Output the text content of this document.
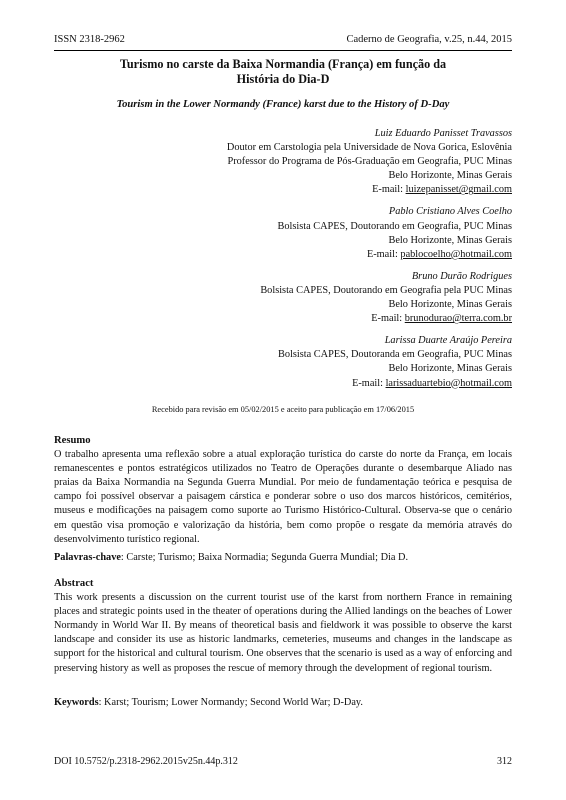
ISSN 2318-2962	Caderno de Geografia, v.25, n.44, 2015
Turismo no carste da Baixa Normandia (França) em função da
História do Dia-D
Tourism in the Lower Normandy (France) karst due to the History of D-Day
Luiz Eduardo Panisset Travassos
Doutor em Carstologia pela Universidade de Nova Gorica, Eslovênia
Professor do Programa de Pós-Graduação em Geografia, PUC Minas
Belo Horizonte, Minas Gerais
E-mail: luizepanisset@gmail.com
Pablo Cristiano Alves Coelho
Bolsista CAPES, Doutorando em Geografia, PUC Minas
Belo Horizonte, Minas Gerais
E-mail: pablocoelho@hotmail.com
Bruno Durão Rodrigues
Bolsista CAPES, Doutorando em Geografia pela PUC Minas
Belo Horizonte, Minas Gerais
E-mail: brunodurao@terra.com.br
Larissa Duarte Araújo Pereira
Bolsista CAPES, Doutoranda em Geografia, PUC Minas
Belo Horizonte, Minas Gerais
E-mail: larissaduartebio@hotmail.com
Recebido para revisão em 05/02/2015 e aceito para publicação em 17/06/2015
Resumo

O trabalho apresenta uma reflexão sobre a atual exploração turística do carste do norte da França, em locais remanescentes e pontos estratégicos utilizados no Teatro de Operações durante o desembarque Aliado nas praias da Baixa Normandia na Segunda Guerra Mundial. Por meio de fundamentação teórica e pesquisa de campo foi possível observar a paisagem cárstica e ponderar sobre o uso dos marcos históricos, cemitérios, museus e modificações na paisagem como suporte ao Turismo Histórico-Cultural. Observa-se que o cenário em questão visa promoção e valorização da história, bem como propõe o resgate da memória através do desenvolvimento turístico regional.

Palavras-chave: Carste; Turismo; Baixa Normadia; Segunda Guerra Mundial; Dia D.
Abstract

This work presents a discussion on the current tourist use of the karst from northern France in remaining places and strategic points used in the theater of operations during the Allied landings on the beaches of Lower Normandy in World War II. By means of theoretical basis and fieldwork it was possible to observe the karst landscape and consider its use as historic landmarks, cemeteries, museums and changes in the landscape as support for the historical and cultural tourism. One observes that the scenario is used as a way of enforcing and preserving history as well as proposes the rescue of memory through the development of regional tourism.

Keywords: Karst; Tourism; Lower Normandy; Second World War; D-Day.
DOI 10.5752/p.2318-2962.2015v25n.44p.312	312
